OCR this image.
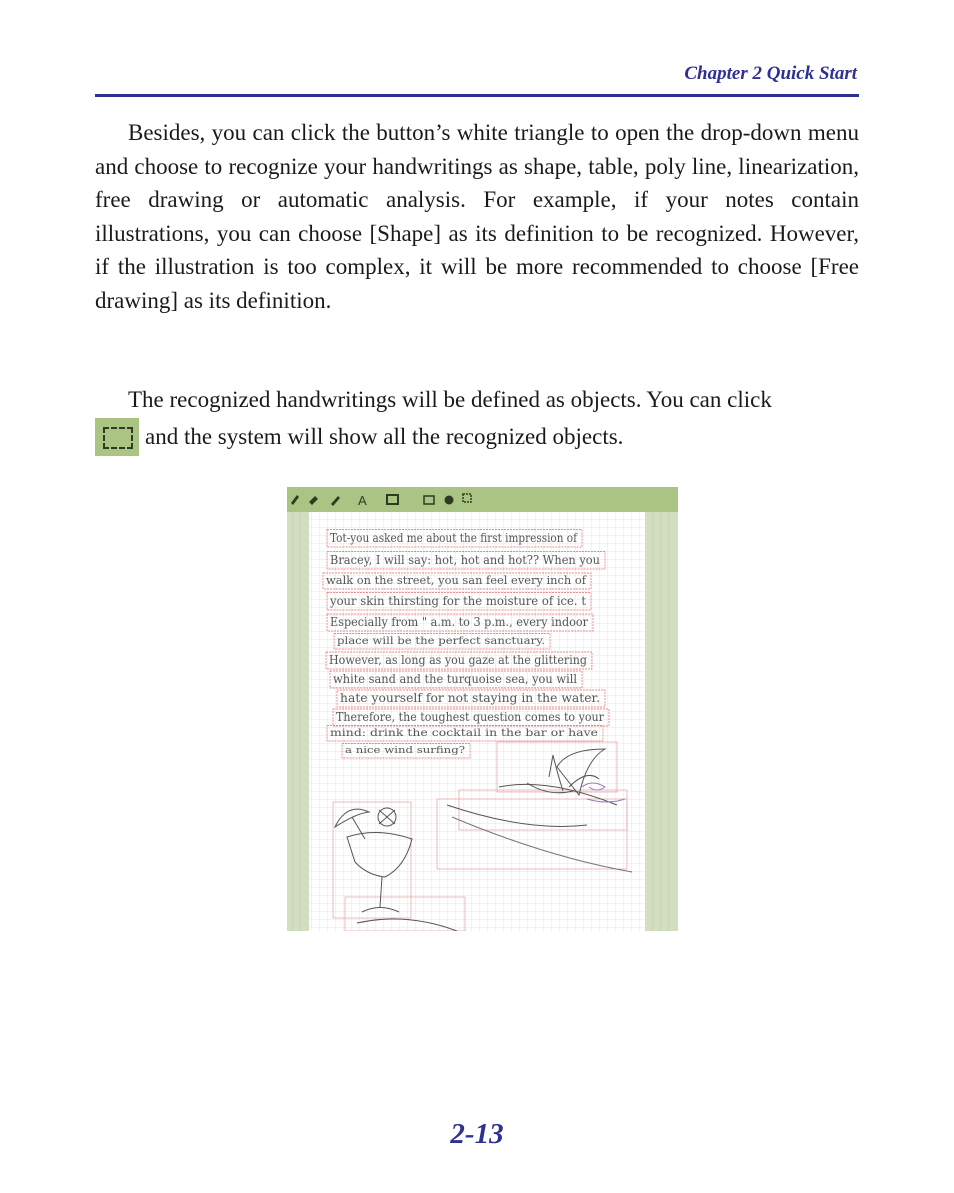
Chapter 2 Quick Start

Besides, you can click the button’s white triangle to open the drop-down menu and choose to recognize your handwritings as shape, table, poly line, linearization, free drawing or automatic analysis. For example, if your notes contain illustrations, you can choose [Shape] as its definition to be recognized. However, if the illustration is too complex, it will be more recommended to choose [Free drawing] as its definition.

The recognized handwritings will be defined as objects. You can click

and the system will show all the recognized objects.
A
Tot-you asked me about the first impression of
Bracey, I will say: hot, hot and hot?? When you
walk on the street, you san feel every inch of
your skin thirsting for the moisture of ice. t
Especially from " a.m. to 3 p.m., every indoor
place will be the perfect sanctuary.
However, as long as you gaze at the glittering
white sand and the turquoise sea, you will
hate yourself for not staying in the water.
Therefore, the toughest question comes to your
mind: drink the cocktail in the bar or have
a nice wind surfing?
2-13
